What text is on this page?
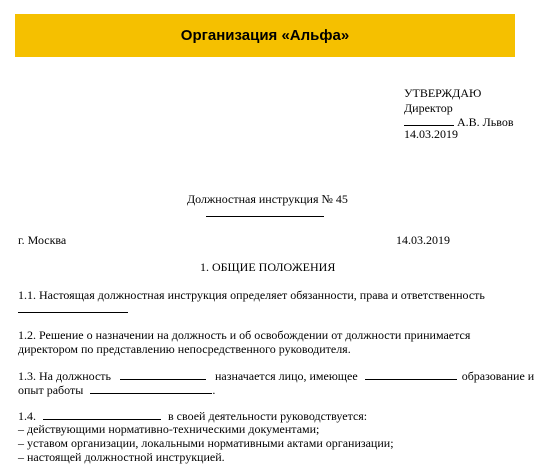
Организация «Альфа»
УТВЕРЖДАЮ
Директор
А.В. Львов
14.03.2019
Должностная инструкция № 45
г. Москва	14.03.2019
1. ОБЩИЕ ПОЛОЖЕНИЯ
1.1. Настоящая должностная инструкция определяет обязанности, права и ответственность
1.2. Решение о назначении на должность и об освобождении от должности принимается
директором по представлению непосредственного руководителя.
1.3. На должность	назначается лицо, имеющее	образование и
опыт работы	.
1.4.	в своей деятельности руководствуется:
– действующими нормативно-техническими документами;
– уставом организации, локальными нормативными актами организации;
– настоящей должностной инструкцией.
